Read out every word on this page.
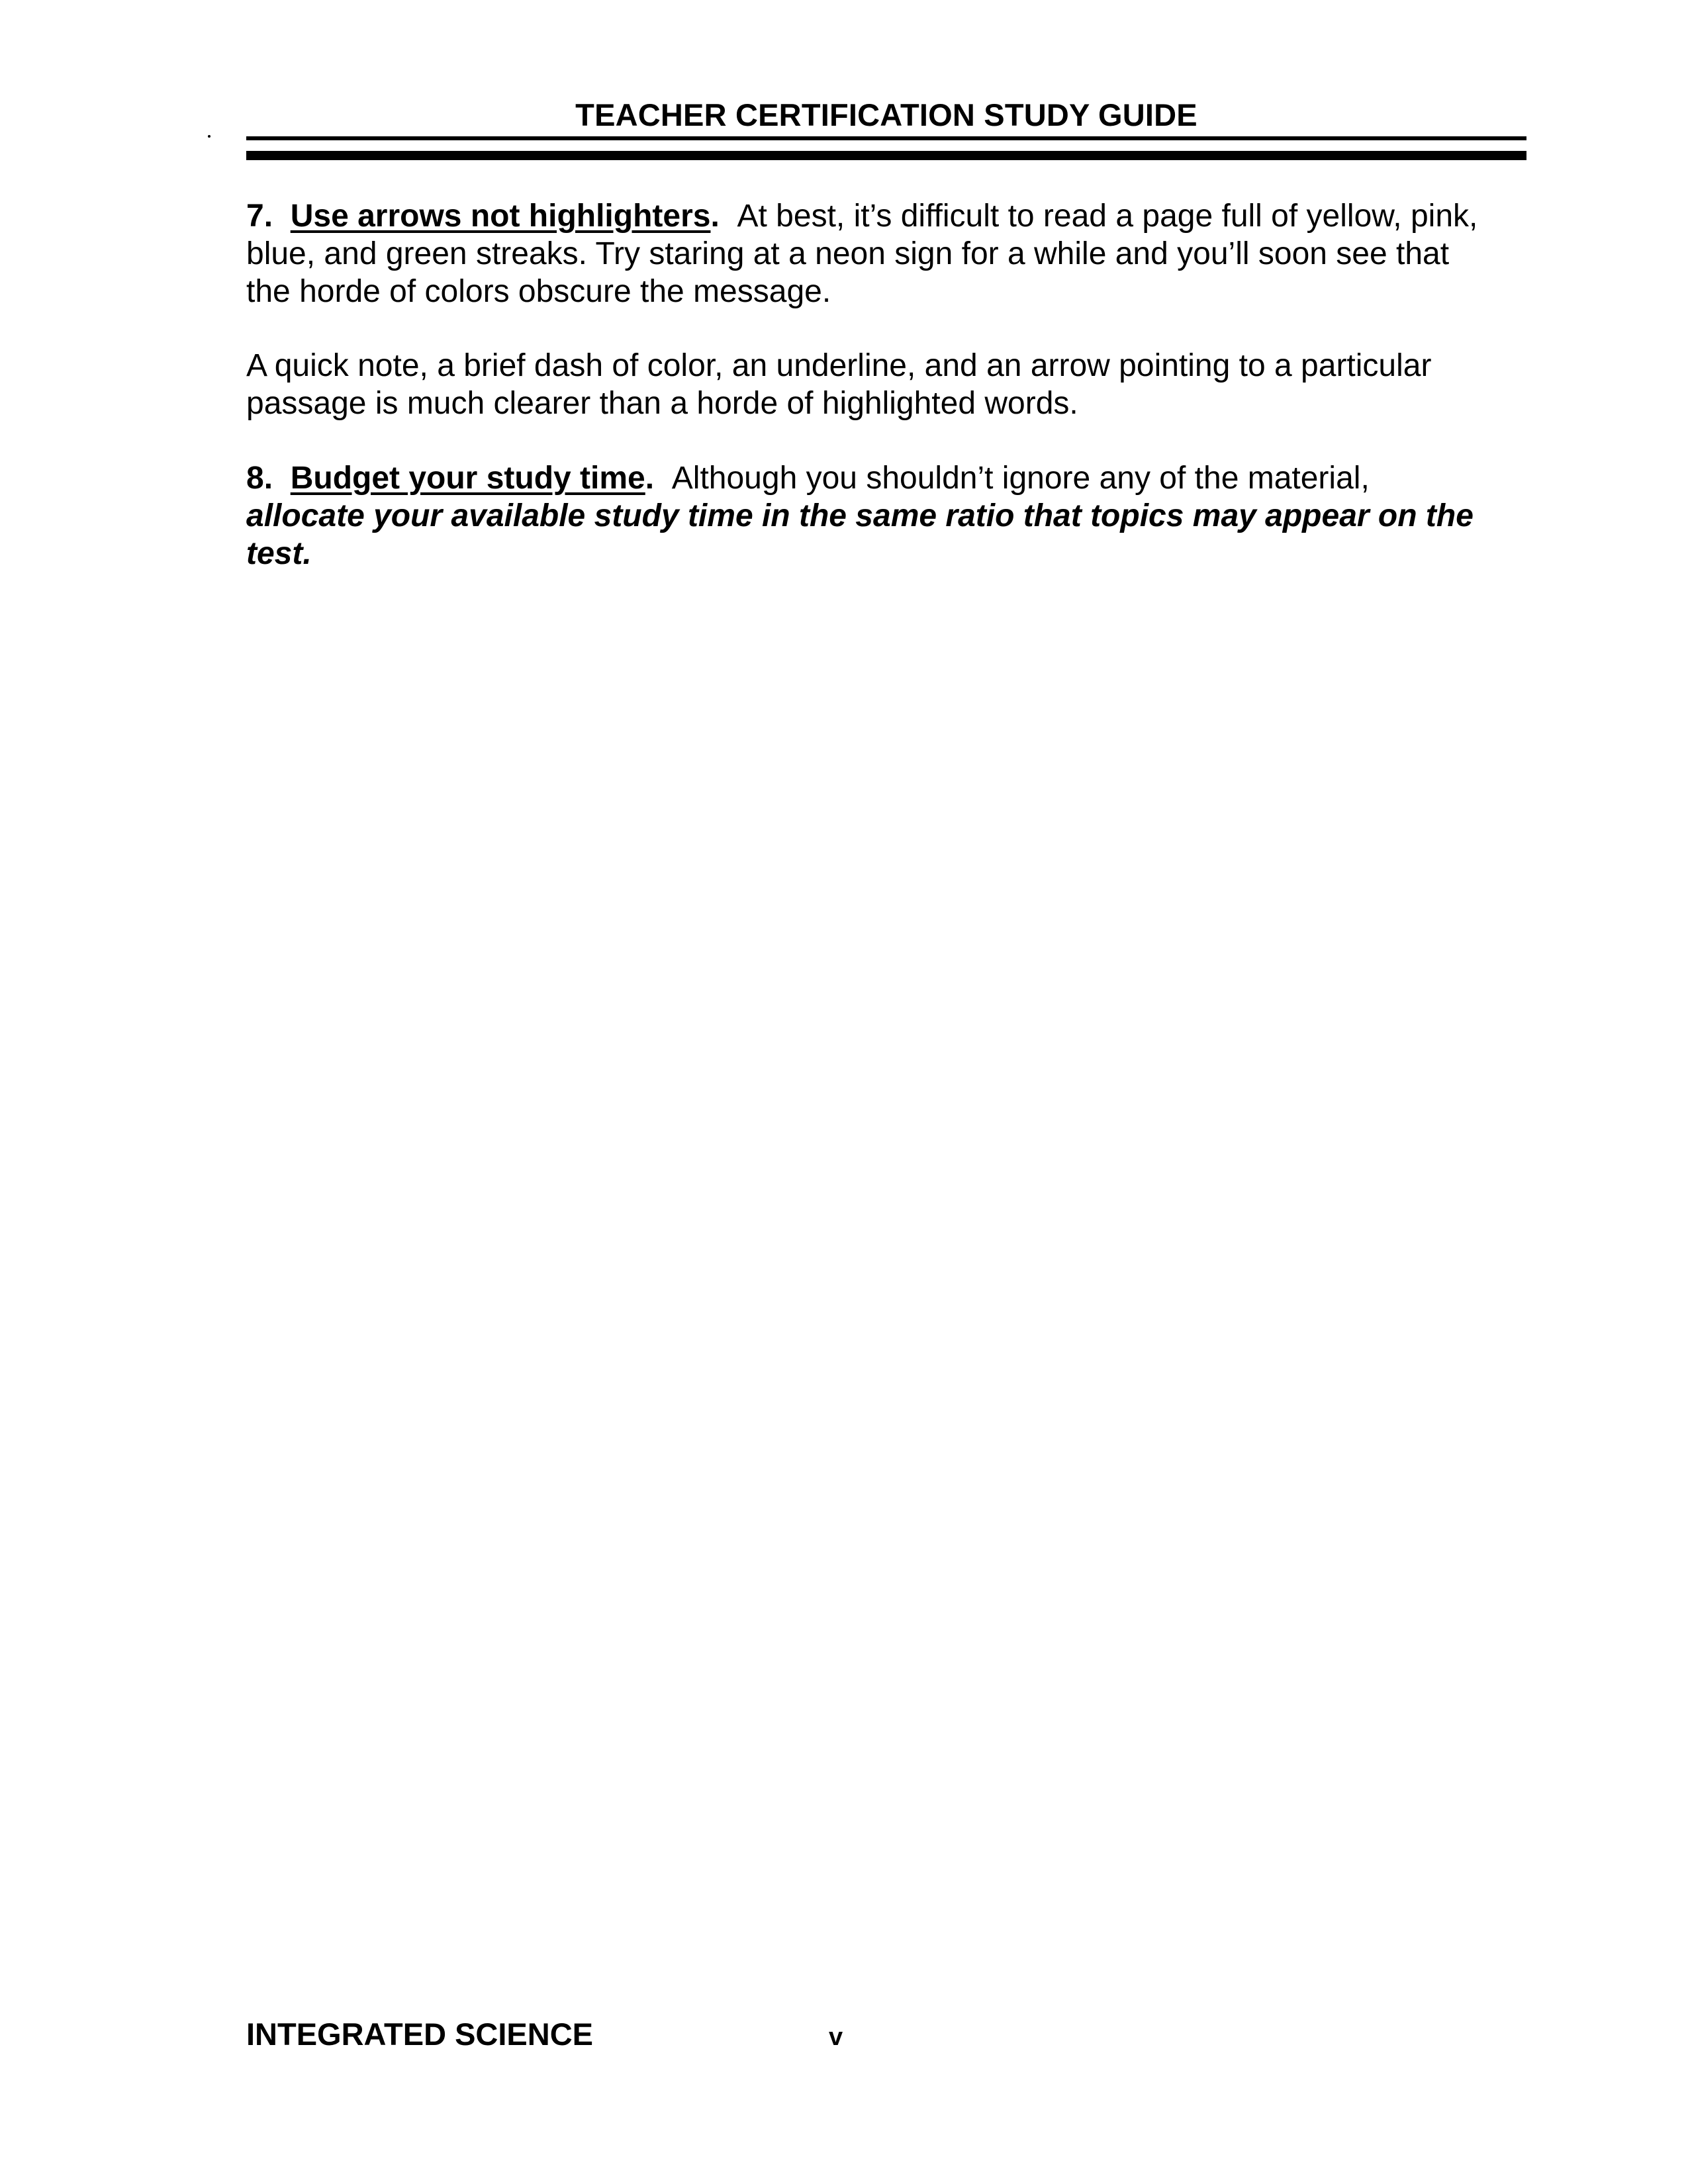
TEACHER CERTIFICATION STUDY GUIDE

7. Use arrows not highlighters. At best, it’s difficult to read a page full of yellow, pink, blue, and green streaks. Try staring at a neon sign for a while and you’ll soon see that the horde of colors obscure the message.

A quick note, a brief dash of color, an underline, and an arrow pointing to a particular passage is much clearer than a horde of highlighted words.

8. Budget your study time. Although you shouldn’t ignore any of the material, allocate your available study time in the same ratio that topics may appear on the test.

INTEGRATED SCIENCE	v
